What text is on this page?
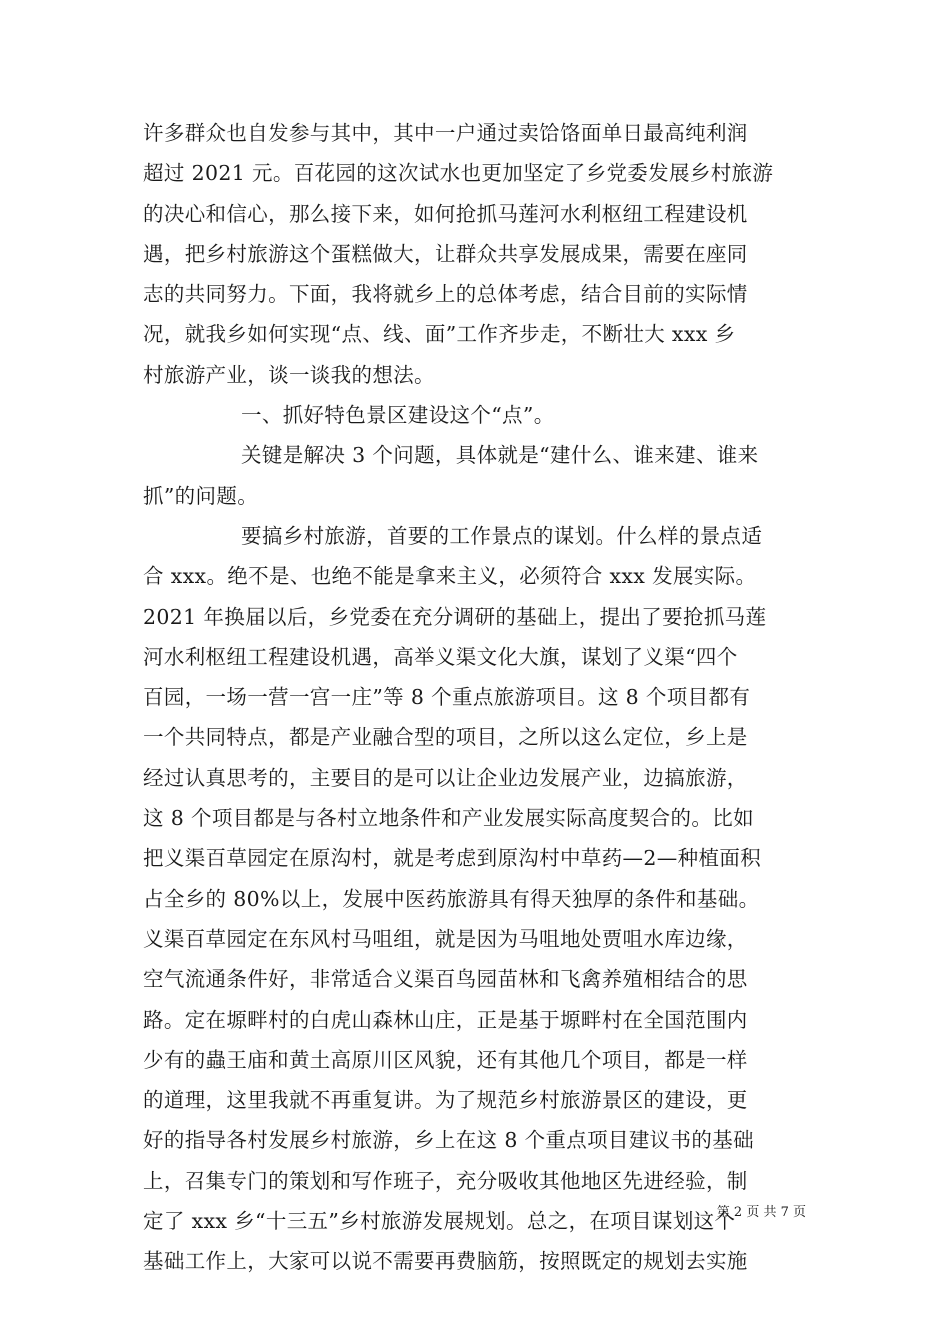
许多群众也自发参与其中，其中一户通过卖饸饹面单日最高纯利润
超过 2021 元。百花园的这次试水也更加坚定了乡党委发展乡村旅游
的决心和信心，那么接下来，如何抢抓马莲河水利枢纽工程建设机
遇，把乡村旅游这个蛋糕做大，让群众共享发展成果，需要在座同
志的共同努力。下面，我将就乡上的总体考虑，结合目前的实际情
况，就我乡如何实现“点、线、面”工作齐步走，不断壮大 xxx 乡
村旅游产业，谈一谈我的想法。
一、抓好特色景区建设这个“点”。
关键是解决 3 个问题，具体就是“建什么、谁来建、谁来
抓”的问题。
要搞乡村旅游，首要的工作景点的谋划。什么样的景点适
合 xxx。绝不是、也绝不能是拿来主义，必须符合 xxx 发展实际。
2021 年换届以后，乡党委在充分调研的基础上，提出了要抢抓马莲
河水利枢纽工程建设机遇，高举义渠文化大旗，谋划了义渠“四个
百园，一场一营一宫一庄”等 8 个重点旅游项目。这 8 个项目都有
一个共同特点，都是产业融合型的项目，之所以这么定位，乡上是
经过认真思考的，主要目的是可以让企业边发展产业，边搞旅游，
这 8 个项目都是与各村立地条件和产业发展实际高度契合的。比如
把义渠百草园定在原沟村，就是考虑到原沟村中草药—2—种植面积
占全乡的 80%以上，发展中医药旅游具有得天独厚的条件和基础。
义渠百草园定在东风村马咀组，就是因为马咀地处贾咀水库边缘，
空气流通条件好，非常适合义渠百鸟园苗林和飞禽养殖相结合的思
路。定在塬畔村的白虎山森林山庄，正是基于塬畔村在全国范围内
少有的蟲王庙和黄土高原川区风貌，还有其他几个项目，都是一样
的道理，这里我就不再重复讲。为了规范乡村旅游景区的建设，更
好的指导各村发展乡村旅游，乡上在这 8 个重点项目建议书的基础
上，召集专门的策划和写作班子，充分吸收其他地区先进经验，制
定了 xxx 乡“十三五”乡村旅游发展规划。总之，在项目谋划这个
基础工作上，大家可以说不需要再费脑筋，按照既定的规划去实施
第 2 页 共 7 页
